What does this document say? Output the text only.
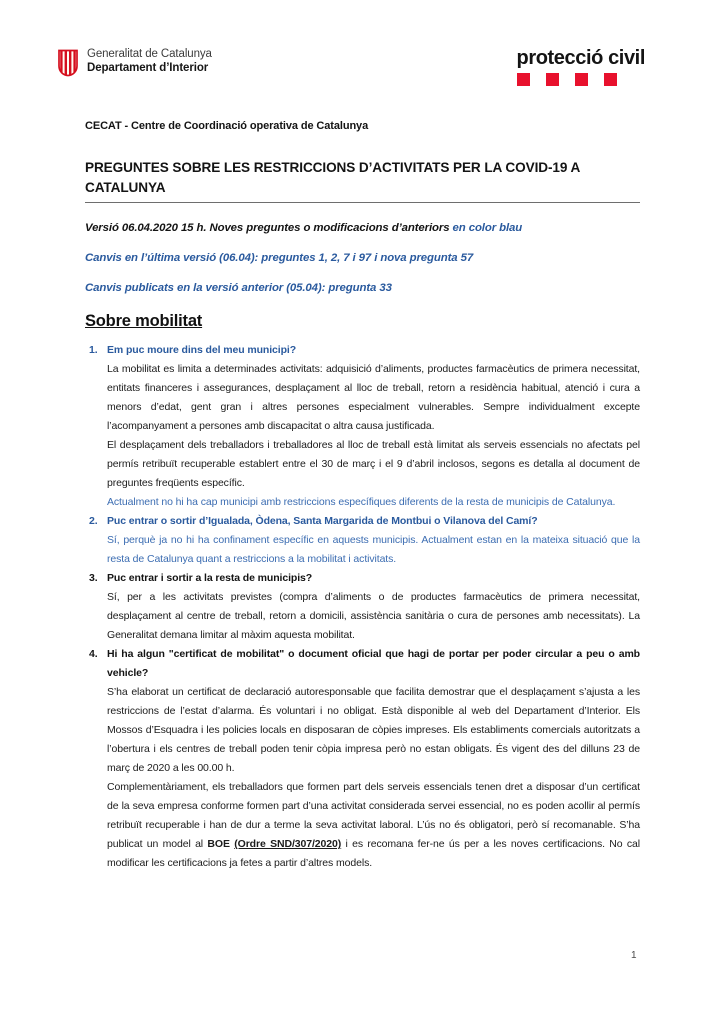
Generalitat de Catalunya
Departament d’Interior	protecció civil
CECAT - Centre de Coordinació operativa de Catalunya
PREGUNTES SOBRE LES RESTRICCIONS D’ACTIVITATS PER LA COVID-19 A CATALUNYA
Versió 06.04.2020 15 h. Noves preguntes o modificacions d’anteriors en color blau
Canvis en l’última versió (06.04): preguntes 1, 2, 7 i 97 i nova pregunta 57
Canvis publicats en la versió anterior (05.04): pregunta 33
Sobre mobilitat
1. Em puc moure dins del meu municipi?

La mobilitat es limita a determinades activitats: adquisició d’aliments, productes farmacèutics de primera necessitat, entitats financeres i assegurances, desplaçament al lloc de treball, retorn a residència habitual, atenció i cura a menors d’edat, gent gran i altres persones especialment vulnerables. Sempre individualment excepte l’acompanyament a persones amb discapacitat o altra causa justificada.

El desplaçament dels treballadors i treballadores al lloc de treball està limitat als serveis essencials no afectats pel permís retribuït recuperable establert entre el 30 de març i el 9 d’abril inclosos, segons es detalla al document de preguntes freqüents específic.

Actualment no hi ha cap municipi amb restriccions específiques diferents de la resta de municipis de Catalunya.

2. Puc entrar o sortir d’Igualada, Òdena, Santa Margarida de Montbui o Vilanova del Camí?

Sí, perquè ja no hi ha confinament específic en aquests municipis. Actualment estan en la mateixa situació que la resta de Catalunya quant a restriccions a la mobilitat i activitats.

3. Puc entrar i sortir a la resta de municipis?

Sí, per a les activitats previstes (compra d’aliments o de productes farmacèutics de primera necessitat, desplaçament al centre de treball, retorn a domicili, assistència sanitària o cura de persones amb necessitats). La Generalitat demana limitar al màxim aquesta mobilitat.

4. Hi ha algun "certificat de mobilitat" o document oficial que hagi de portar per poder circular a peu o amb vehicle?

S’ha elaborat un certificat de declaració autoresponsable que facilita demostrar que el desplaçament s’ajusta a les restriccions de l’estat d’alarma. És voluntari i no obligat. Està disponible al web del Departament d’Interior. Els Mossos d’Esquadra i les policies locals en disposaran de còpies impreses. Els establiments comercials autoritzats a l’obertura i els centres de treball poden tenir còpia impresa però no estan obligats. És vigent des del dilluns 23 de març de 2020 a les 00.00 h.

Complementàriament, els treballadors que formen part dels serveis essencials tenen dret a disposar d’un certificat de la seva empresa conforme formen part d’una activitat considerada servei essencial, no es poden acollir al permís retribuït recuperable i han de dur a terme la seva activitat laboral. L’ús no és obligatori, però sí recomanable. S’ha publicat un model al BOE (Ordre SND/307/2020) i es recomana fer-ne ús per a les noves certificacions. No cal modificar les certificacions ja fetes a partir d’altres models.

1
